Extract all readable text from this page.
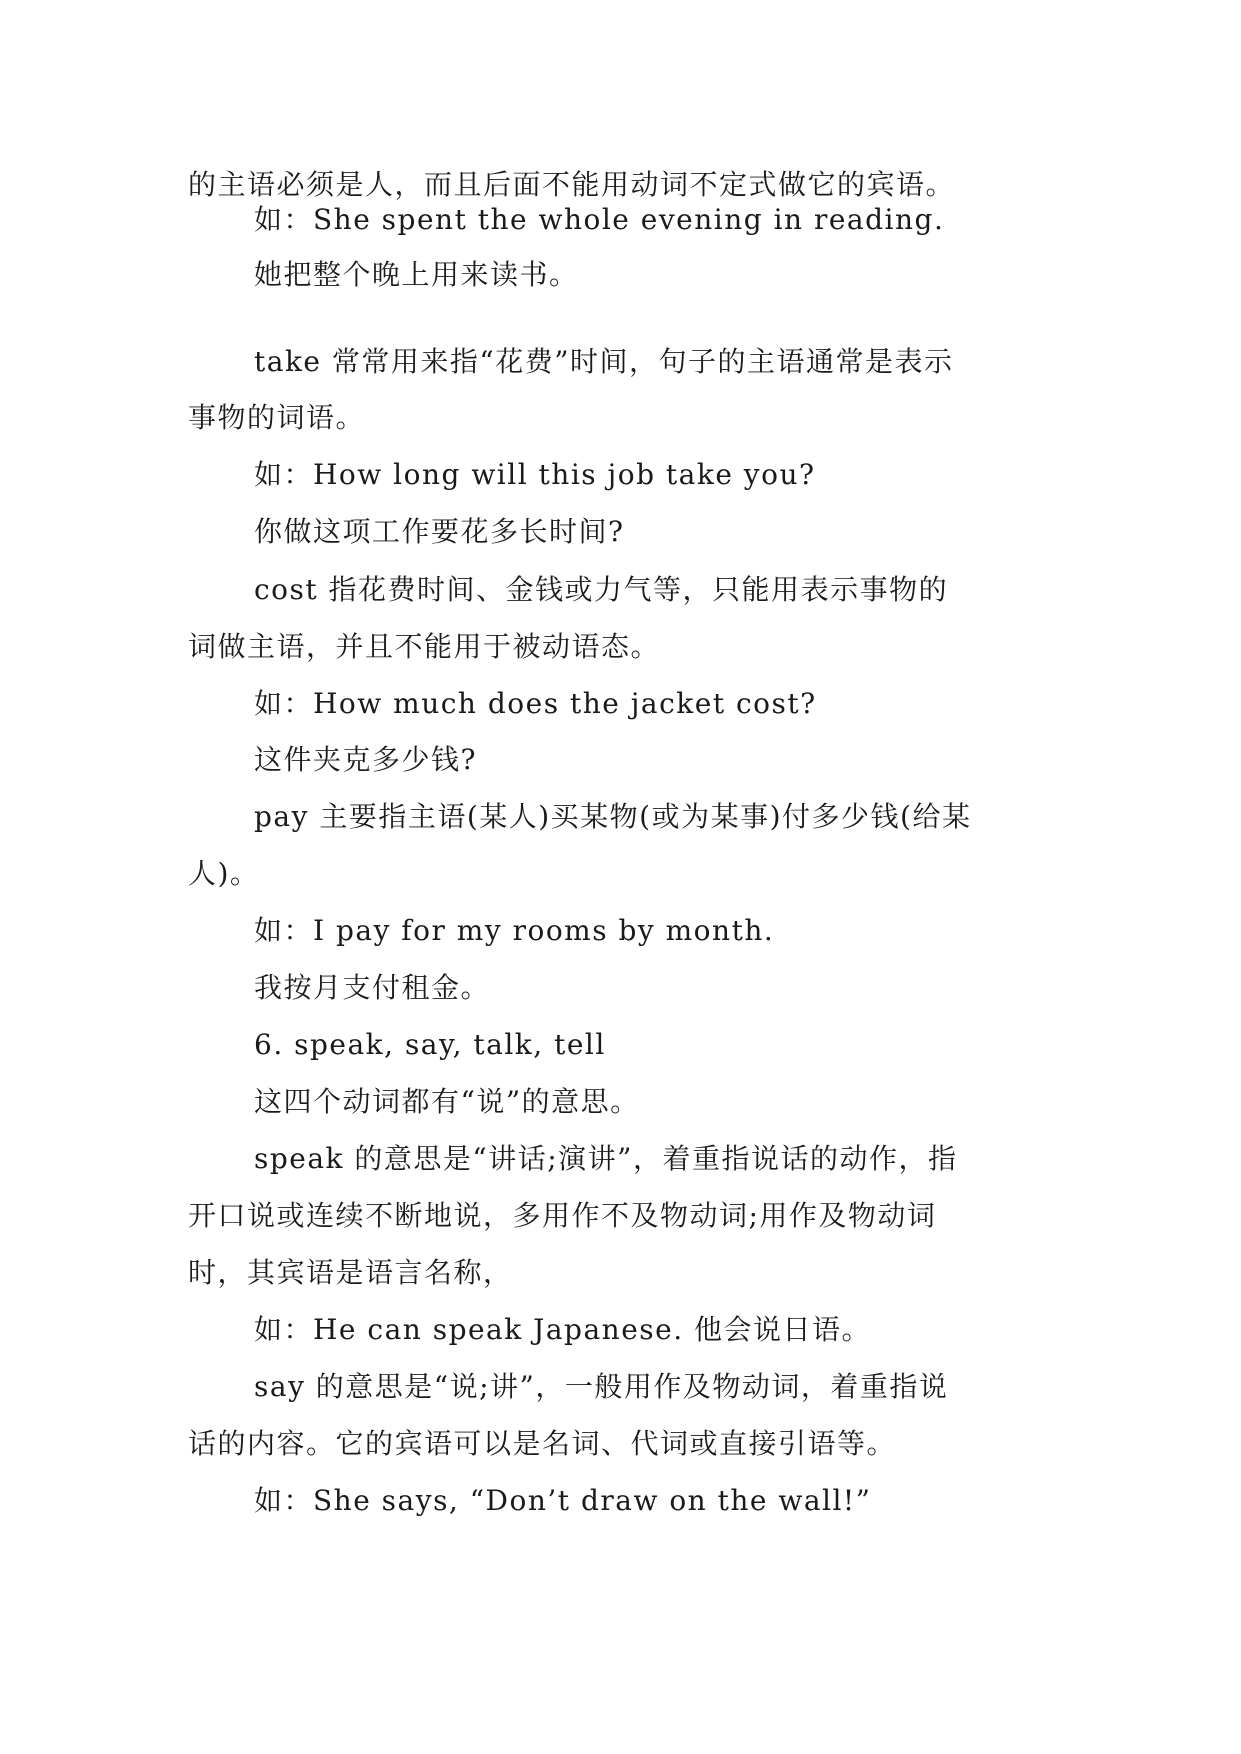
的主语必须是人，而且后面不能用动词不定式做它的宾语。
如：She spent the whole evening in reading.
她把整个晚上用来读书。
take 常常用来指“花费”时间，句子的主语通常是表示
事物的词语。
如：How long will this job take you?
你做这项工作要花多长时间?
cost 指花费时间、金钱或力气等，只能用表示事物的
词做主语，并且不能用于被动语态。
如：How much does the jacket cost?
这件夹克多少钱?
pay 主要指主语(某人)买某物(或为某事)付多少钱(给某
人)。
如：I pay for my rooms by month.
我按月支付租金。
6. speak, say, talk, tell
这四个动词都有“说”的意思。
speak 的意思是“讲话;演讲”，着重指说话的动作，指
开口说或连续不断地说，多用作不及物动词;用作及物动词
时，其宾语是语言名称，
如：He can speak Japanese. 他会说日语。
say 的意思是“说;讲”，一般用作及物动词，着重指说
话的内容。它的宾语可以是名词、代词或直接引语等。
如：She says, “Don’t draw on the wall!”
